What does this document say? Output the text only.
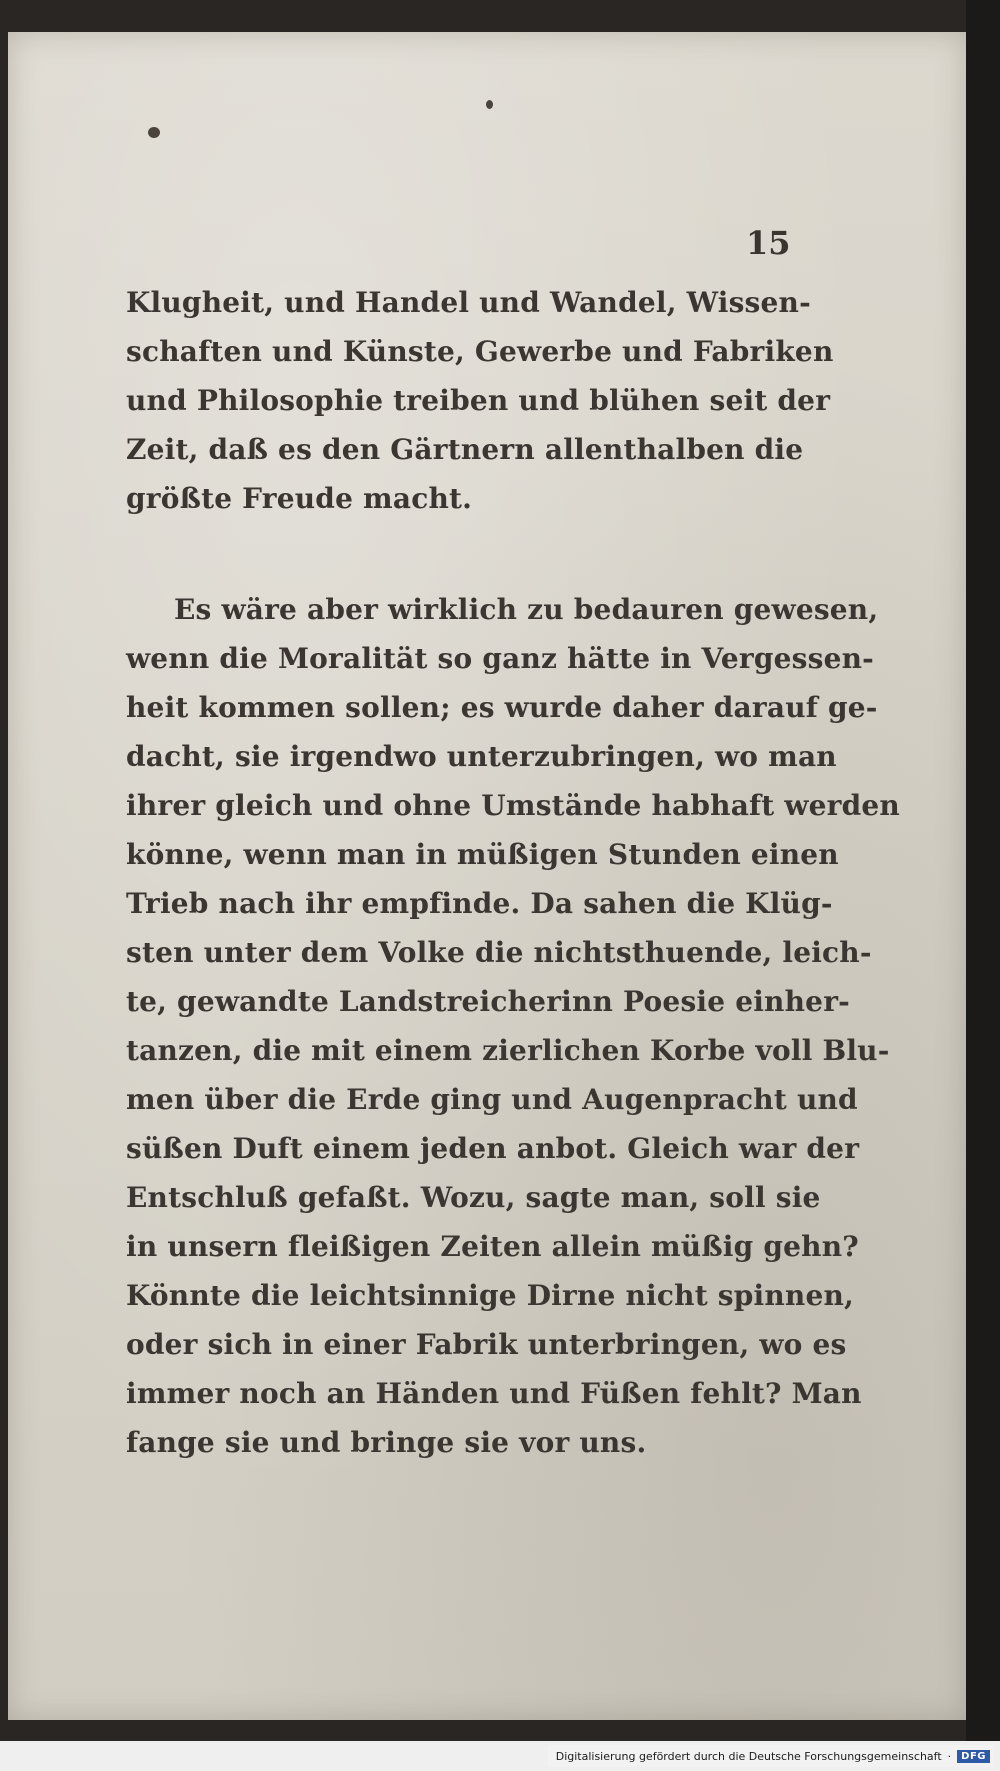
15
Klugheit, und Handel und Wandel, Wissen-
schaften und Künste, Gewerbe und Fabriken
und Philosophie treiben und blühen seit der
Zeit, daß es den Gärtnern allenthalben die
größte Freude macht.
Es wäre aber wirklich zu bedauren gewesen,
wenn die Moralität so ganz hätte in Vergessen-
heit kommen sollen; es wurde daher darauf ge-
dacht, sie irgendwo unterzubringen, wo man
ihrer gleich und ohne Umstände habhaft werden
könne, wenn man in müßigen Stunden einen
Trieb nach ihr empfinde. Da sahen die Klüg-
sten unter dem Volke die nichtsthuende, leich-
te, gewandte Landstreicherinn Poesie einher-
tanzen, die mit einem zierlichen Korbe voll Blu-
men über die Erde ging und Augenpracht und
süßen Duft einem jeden anbot. Gleich war der
Entschluß gefaßt. Wozu, sagte man, soll sie
in unsern fleißigen Zeiten allein müßig gehn?
Könnte die leichtsinnige Dirne nicht spinnen,
oder sich in einer Fabrik unterbringen, wo es
immer noch an Händen und Füßen fehlt? Man
fange sie und bringe sie vor uns.
Digitalisierung gefördert durch die Deutsche Forschungsgemeinschaft ·	DFG
